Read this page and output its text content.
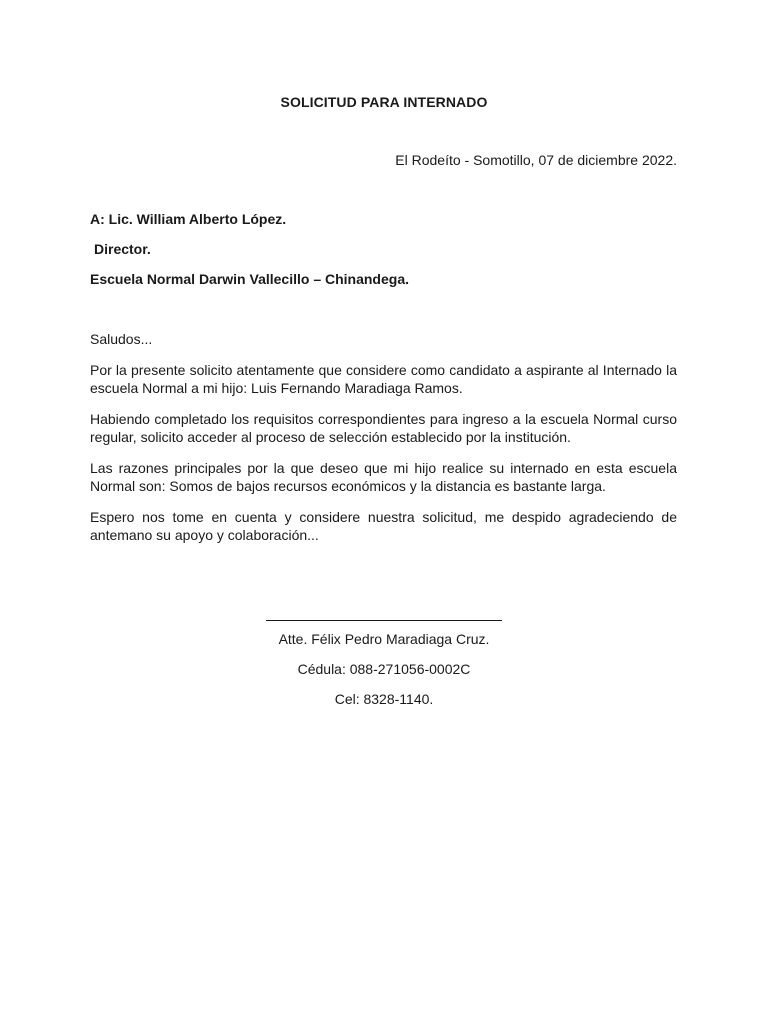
SOLICITUD PARA INTERNADO
El Rodeíto - Somotillo, 07 de diciembre 2022.
A: Lic. William Alberto López.
Director.
Escuela Normal Darwin Vallecillo – Chinandega.

Saludos...

Por la presente solicito atentamente que considere como candidato a aspirante al Internado la escuela Normal a mi hijo: Luis Fernando Maradiaga Ramos.

Habiendo completado los requisitos correspondientes para ingreso a la escuela Normal curso regular, solicito acceder al proceso de selección establecido por la institución.

Las razones principales por la que deseo que mi hijo realice su internado en esta escuela Normal son: Somos de bajos recursos económicos y la distancia es bastante larga.

Espero nos tome en cuenta y considere nuestra solicitud, me despido agradeciendo de antemano su apoyo y colaboración...

Atte. Félix Pedro Maradiaga Cruz.
Cédula: 088-271056-0002C
Cel: 8328-1140.
